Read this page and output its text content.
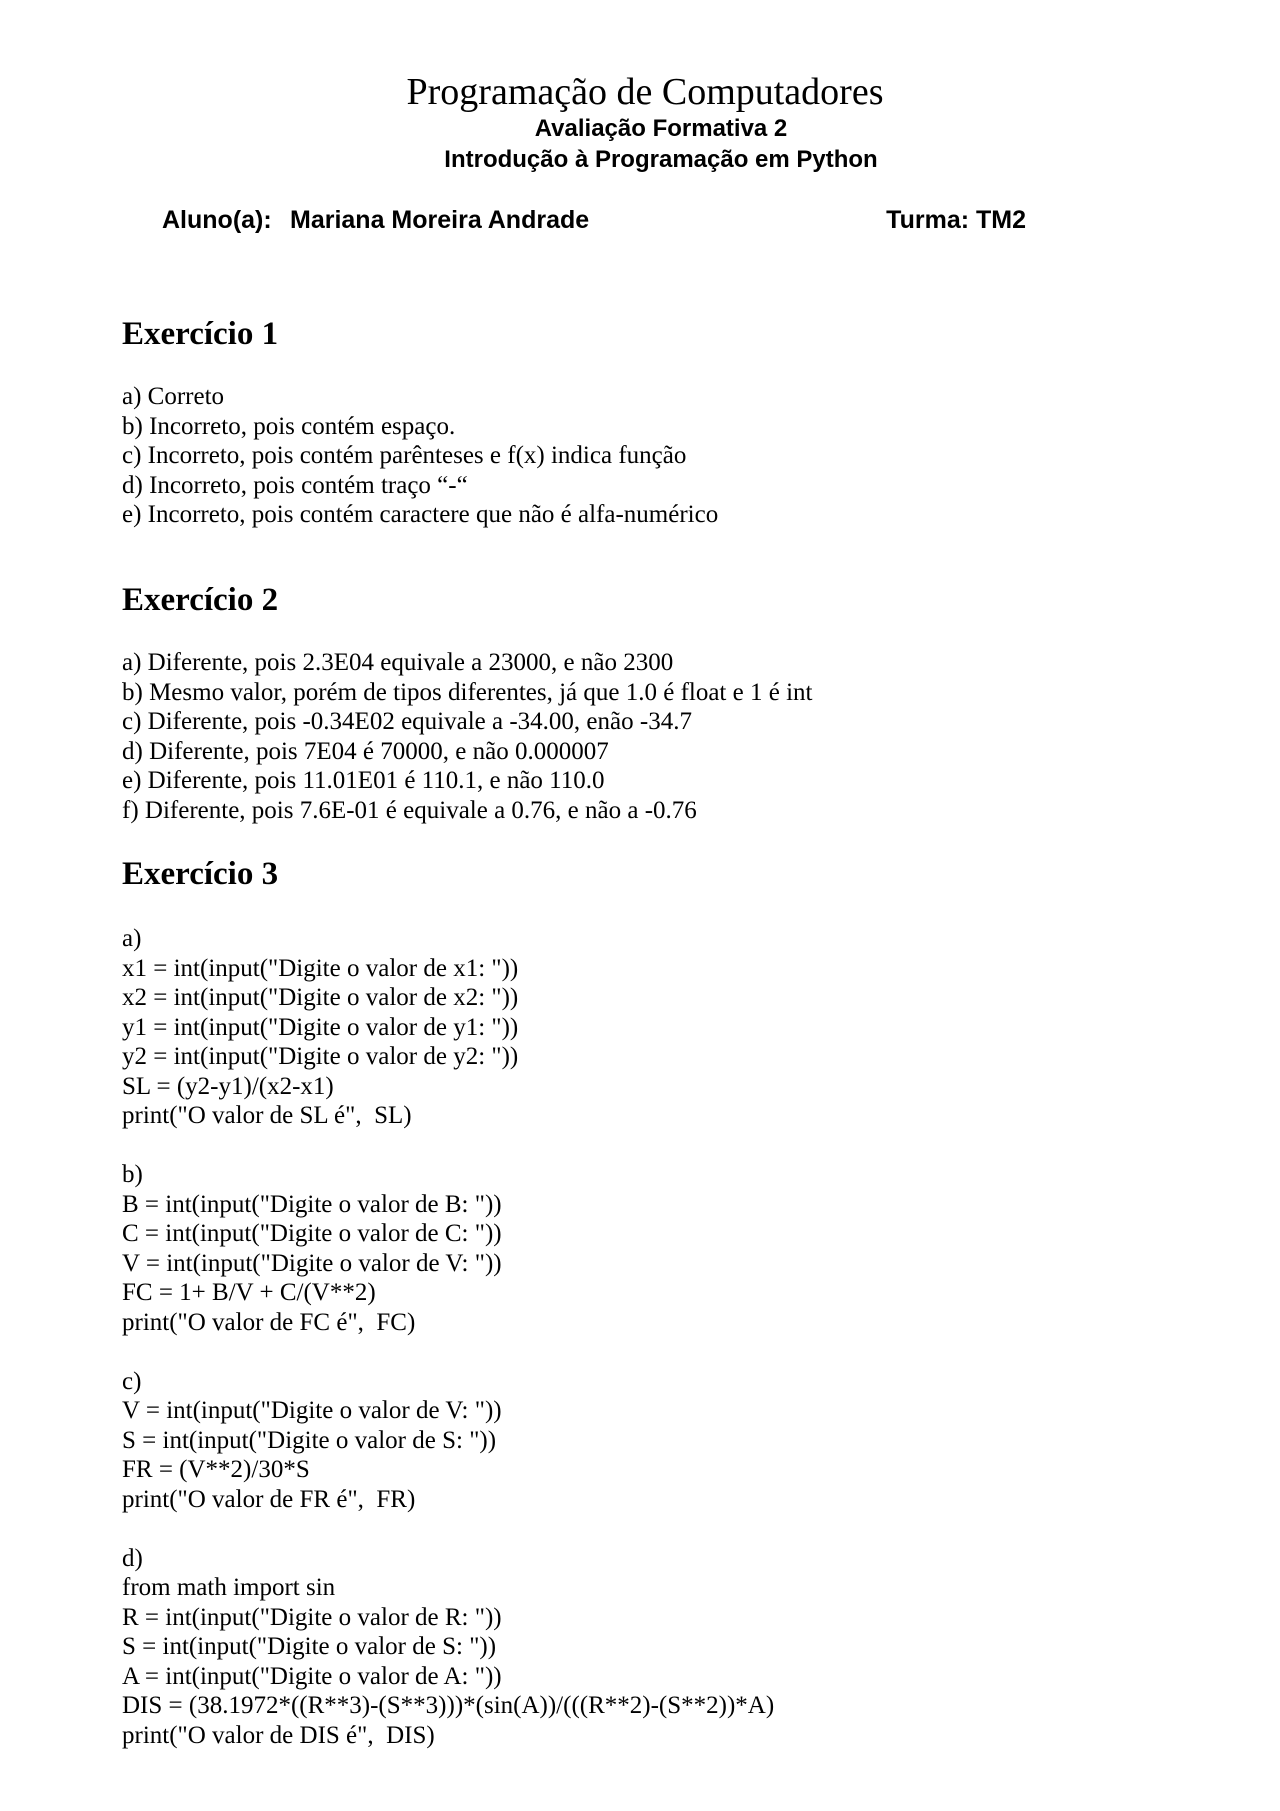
Programação de Computadores
Avaliação Formativa 2
Introdução à Programação em Python
Aluno(a): Mariana Moreira Andrade	Turma: TM2
Exercício 1
a) Correto
b) Incorreto, pois contém espaço.
c) Incorreto, pois contém parênteses e f(x) indica função
d) Incorreto, pois contém traço “-“
e) Incorreto, pois contém caractere que não é alfa-numérico
Exercício 2
a) Diferente, pois 2.3E04 equivale a 23000, e não 2300
b) Mesmo valor, porém de tipos diferentes, já que 1.0 é float e 1 é int
c) Diferente, pois -0.34E02 equivale a -34.00, enão -34.7
d) Diferente, pois 7E04 é 70000, e não 0.000007
e) Diferente, pois 11.01E01 é 110.1, e não 110.0
f) Diferente, pois 7.6E-01 é equivale a 0.76, e não a -0.76
Exercício 3
a)
x1 = int(input("Digite o valor de x1: "))
x2 = int(input("Digite o valor de x2: "))
y1 = int(input("Digite o valor de y1: "))
y2 = int(input("Digite o valor de y2: "))
SL = (y2-y1)/(x2-x1)
print("O valor de SL é",  SL)
b)
B = int(input("Digite o valor de B: "))
C = int(input("Digite o valor de C: "))
V = int(input("Digite o valor de V: "))
FC = 1+ B/V + C/(V**2)
print("O valor de FC é",  FC)
c)
V = int(input("Digite o valor de V: "))
S = int(input("Digite o valor de S: "))
FR = (V**2)/30*S
print("O valor de FR é",  FR)
d)
from math import sin
R = int(input("Digite o valor de R: "))
S = int(input("Digite o valor de S: "))
A = int(input("Digite o valor de A: "))
DIS = (38.1972*((R**3)-(S**3)))*(sin(A))/(((R**2)-(S**2))*A)
print("O valor de DIS é",  DIS)
